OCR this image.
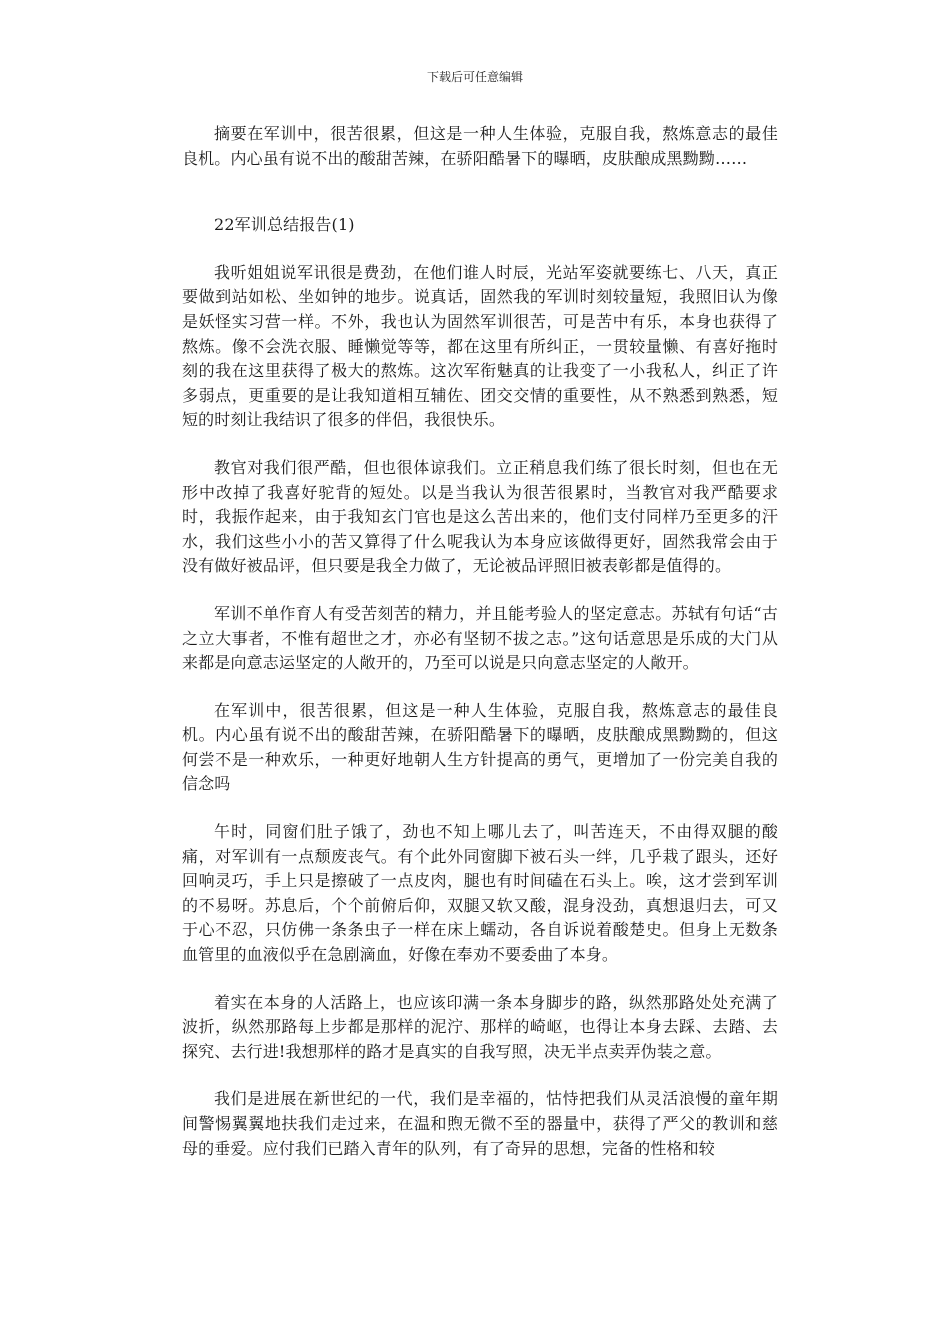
下载后可任意编辑

摘要在军训中，很苦很累，但这是一种人生体验，克服自我，熬炼意志的最佳良机。内心虽有说不出的酸甜苦辣，在骄阳酷暑下的曝晒，皮肤酿成黑黝黝……

22军训总结报告(1)

我听姐姐说军讯很是费劲，在他们谁人时辰，光站军姿就要练七、八天，真正要做到站如松、坐如钟的地步。说真话，固然我的军训时刻较量短，我照旧认为像是妖怪实习营一样。不外，我也认为固然军训很苦，可是苦中有乐，本身也获得了熬炼。像不会洗衣服、睡懒觉等等，都在这里有所纠正，一贯较量懒、有喜好拖时刻的我在这里获得了极大的熬炼。这次军衔魅真的让我变了一小我私人，纠正了许多弱点，更重要的是让我知道相互辅佐、团交交情的重要性，从不熟悉到熟悉，短短的时刻让我结识了很多的伴侣，我很快乐。

教官对我们很严酷，但也很体谅我们。立正稍息我们练了很长时刻，但也在无形中改掉了我喜好驼背的短处。以是当我认为很苦很累时，当教官对我严酷要求时，我振作起来，由于我知玄门官也是这么苦出来的，他们支付同样乃至更多的汗水，我们这些小小的苦又算得了什么呢我认为本身应该做得更好，固然我常会由于没有做好被品评，但只要是我全力做了，无论被品评照旧被表彰都是值得的。

军训不单作育人有受苦刻苦的精力，并且能考验人的坚定意志。苏轼有句话“古之立大事者，不惟有超世之才，亦必有坚韧不拔之志。”这句话意思是乐成的大门从来都是向意志运坚定的人敞开的，乃至可以说是只向意志坚定的人敞开。

在军训中，很苦很累，但这是一种人生体验，克服自我，熬炼意志的最佳良机。内心虽有说不出的酸甜苦辣，在骄阳酷暑下的曝晒，皮肤酿成黑黝黝的，但这何尝不是一种欢乐，一种更好地朝人生方针提高的勇气，更增加了一份完美自我的信念吗

午时，同窗们肚子饿了，劲也不知上哪儿去了，叫苦连天，不由得双腿的酸痛，对军训有一点颓废丧气。有个此外同窗脚下被石头一绊，几乎栽了跟头，还好回响灵巧，手上只是擦破了一点皮肉，腿也有时间磕在石头上。唉，这才尝到军训的不易呀。苏息后，个个前俯后仰，双腿又软又酸，混身没劲，真想退归去，可又于心不忍，只仿佛一条条虫子一样在床上蠕动，各自诉说着酸楚史。但身上无数条血管里的血液似乎在急剧滴血，好像在奉劝不要委曲了本身。

着实在本身的人活路上，也应该印满一条本身脚步的路，纵然那路处处充满了波折，纵然那路每上步都是那样的泥泞、那样的崎岖，也得让本身去踩、去踏、去探究、去行进!我想那样的路才是真实的自我写照，决无半点卖弄伪装之意。

我们是进展在新世纪的一代，我们是幸福的，怙恃把我们从灵活浪慢的童年期间警惕翼翼地扶我们走过来，在温和煦无微不至的器量中，获得了严父的教训和慈母的垂爱。应付我们已踏入青年的队列，有了奇异的思想，完备的性格和较
